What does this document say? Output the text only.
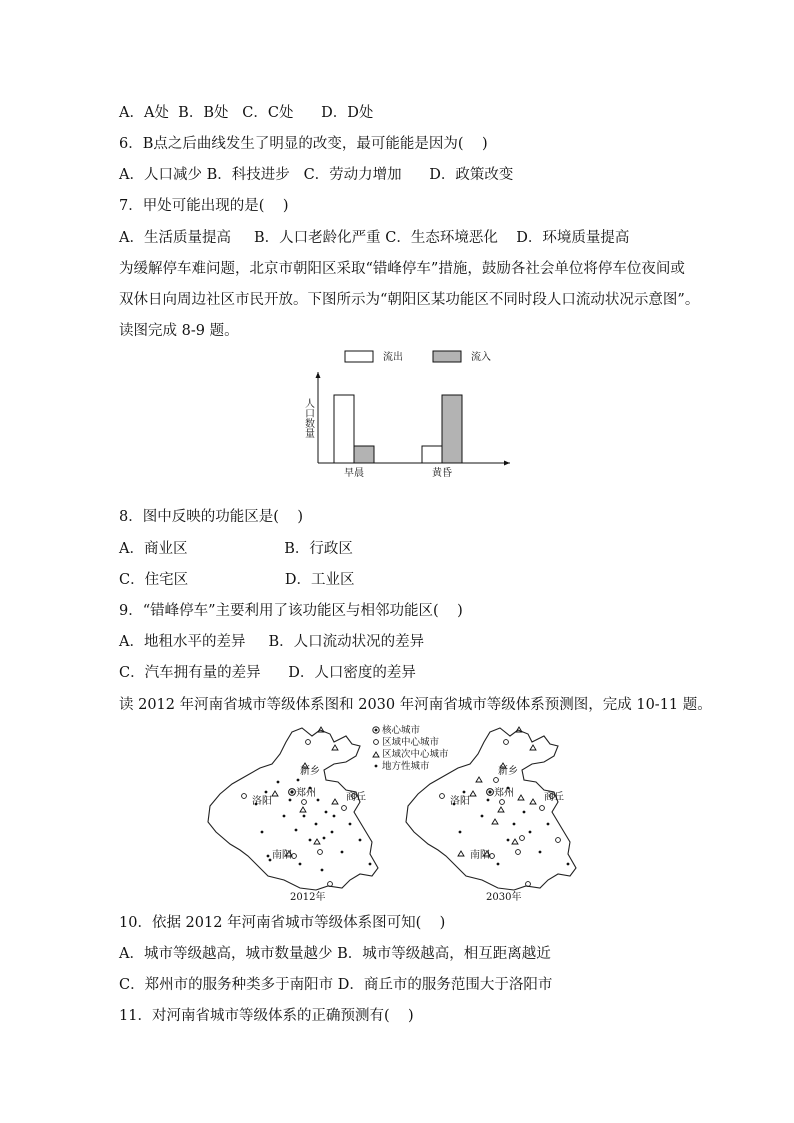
A．A处  B．B处   C．C处      D．D处
6．B点之后曲线发生了明显的改变，最可能能是因为(    )
A．人口减少 B．科技进步   C．劳动力增加      D．政策改变
7．甲处可能出现的是(    )
A．生活质量提高     B．人口老龄化严重 C．生态环境恶化    D．环境质量提高
为缓解停车难问题，北京市朝阳区采取“错峰停车”措施，鼓励各社会单位将停车位夜间或
双休日向周边社区市民开放。下图所示为“朝阳区某功能区不同时段人口流动状况示意图”。
读图完成 8-9 题。
人口数量
早晨	黄昏
流出	流入
8．图中反映的功能区是(    )
A．商业区                     B．行政区
C．住宅区                     D．工业区
9．“错峰停车”主要利用了该功能区与相邻功能区(    )
A．地租水平的差异     B．人口流动状况的差异
C．汽车拥有量的差异      D．人口密度的差异
读 2012 年河南省城市等级体系图和 2030 年河南省城市等级体系预测图，完成 10-11 题。
新乡
郑州
洛阳	商丘
南阳
2012年
新乡
郑州
洛阳	商丘
南阳
2030年
核心城市
区域中心城市
区域次中心城市
地方性城市
10．依据 2012 年河南省城市等级体系图可知(    )
A．城市等级越高，城市数量越少 B．城市等级越高，相互距离越近
C．郑州市的服务种类多于南阳市 D．商丘市的服务范围大于洛阳市
11．对河南省城市等级体系的正确预测有(    )
